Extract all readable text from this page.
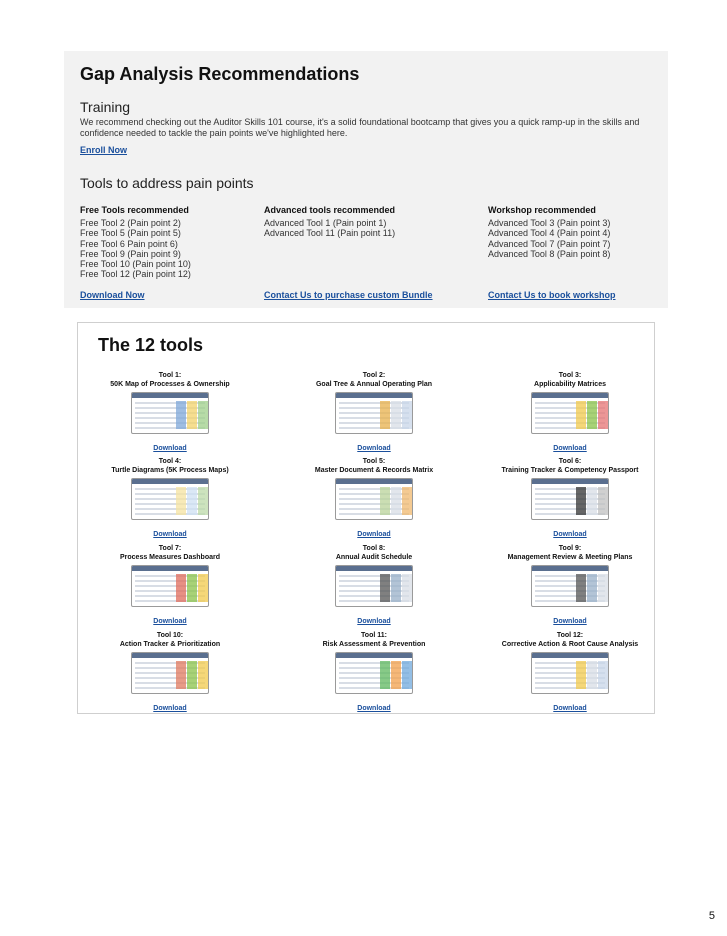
Gap Analysis Recommendations
Training

We recommend checking out the Auditor Skills 101 course, it's a solid foundational bootcamp that gives you a quick ramp-up in the skills and confidence needed to tackle the pain points we've highlighted here.

Enroll Now
Tools to address pain points
Free Tools recommended
Free Tool 2 (Pain point 2)
Free Tool 5 (Pain point 5)
Free Tool 6 Pain point 6)
Free Tool 9 (Pain point 9)
Free Tool 10 (Pain point 10)
Free Tool 12 (Pain point 12)
Download Now
Advanced tools recommended
Advanced Tool 1 (Pain point 1)
Advanced Tool 11 (Pain point 11)
Contact Us to purchase custom Bundle
Workshop recommended
Advanced Tool 3 (Pain point 3)
Advanced Tool 4 (Pain point 4)
Advanced Tool 7 (Pain point 7)
Advanced Tool 8 (Pain point 8)
Contact Us to book workshop
The 12 tools
Tool 1:
50K Map of Processes & Ownership
Download
Tool 2:
Goal Tree & Annual Operating Plan
Download
Tool 3:
Applicability Matrices
Download
Tool 4:
Turtle Diagrams (5K Process Maps)
Download
Tool 5:
Master Document & Records Matrix
Download
Tool 6:
Training Tracker & Competency Passport
Download
Tool 7:
Process Measures Dashboard
Download
Tool 8:
Annual Audit Schedule
Download
Tool 9:
Management Review & Meeting Plans
Download
Tool 10:
Action Tracker & Prioritization
Download
Tool 11:
Risk Assessment & Prevention
Download
Tool 12:
Corrective Action & Root Cause Analysis
Download
5
